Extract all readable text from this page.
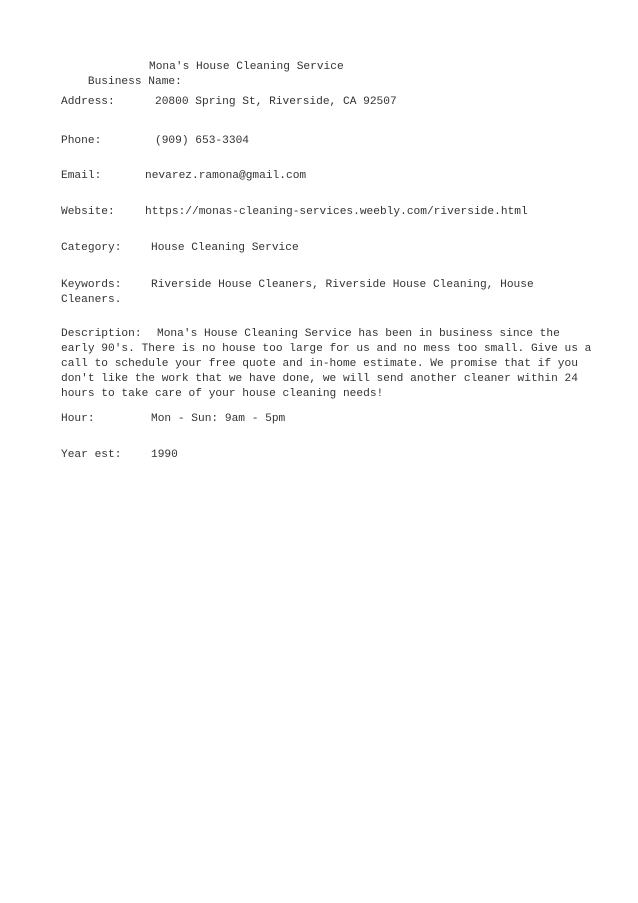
Business Name:

Mona's House Cleaning Service
Address:	20800 Spring St, Riverside, CA 92507
Phone:	(909) 653-3304
Email:	nevarez.ramona@gmail.com
Website:	https://monas-cleaning-services.weebly.com/riverside.html
Category:	House Cleaning Service
Keywords:	Riverside House Cleaners, Riverside House Cleaning, House
Cleaners.
Description: Mona's House Cleaning Service has been in business since the
early 90's. There is no house too large for us and no mess too small. Give us a
call to schedule your free quote and in-home estimate. We promise that if you
don't like the work that we have done, we will send another cleaner within 24
hours to take care of your house cleaning needs!
Hour:	Mon - Sun: 9am - 5pm
Year est:	1990
